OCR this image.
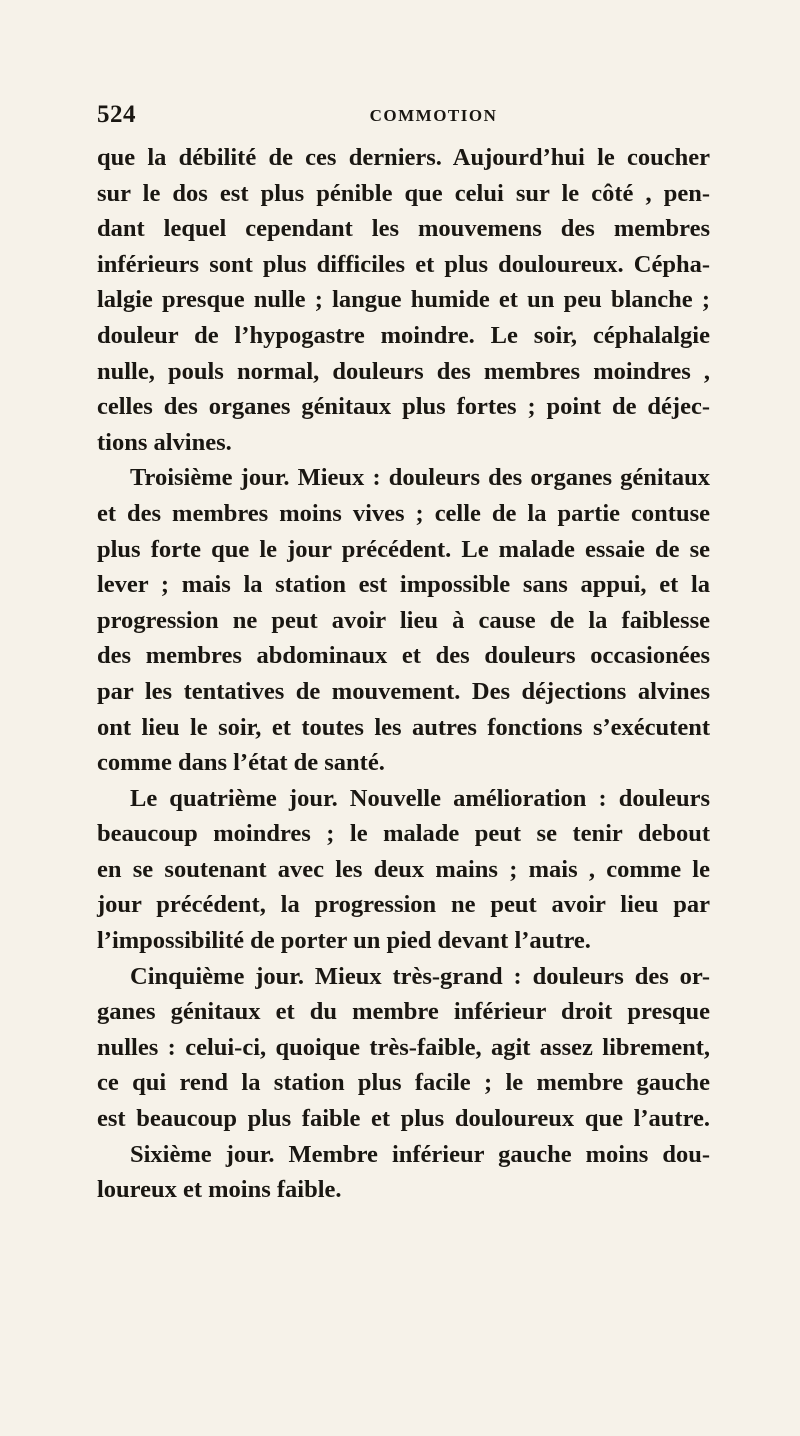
524	COMMOTION
que la débilité de ces derniers. Aujourd’hui le coucher
sur le dos est plus pénible que celui sur le côté , pen-
dant lequel cependant les mouvemens des membres
inférieurs sont plus difficiles et plus douloureux. Cépha-
lalgie presque nulle ; langue humide et un peu blanche ;
douleur de l’hypogastre moindre. Le soir, céphalalgie
nulle, pouls normal, douleurs des membres moindres ,
celles des organes génitaux plus fortes ; point de déjec-
tions alvines.
Troisième jour. Mieux : douleurs des organes génitaux
et des membres moins vives ; celle de la partie contuse
plus forte que le jour précédent. Le malade essaie de se
lever ; mais la station est impossible sans appui, et la
progression ne peut avoir lieu à cause de la faiblesse
des membres abdominaux et des douleurs occasionées
par les tentatives de mouvement. Des déjections alvines
ont lieu le soir, et toutes les autres fonctions s’exécutent
comme dans l’état de santé.
Le quatrième jour. Nouvelle amélioration : douleurs
beaucoup moindres ; le malade peut se tenir debout
en se soutenant avec les deux mains ; mais , comme le
jour précédent, la progression ne peut avoir lieu par
l’impossibilité de porter un pied devant l’autre.
Cinquième jour. Mieux très-grand : douleurs des or-
ganes génitaux et du membre inférieur droit presque
nulles : celui-ci, quoique très-faible, agit assez librement,
ce qui rend la station plus facile ; le membre gauche
est beaucoup plus faible et plus douloureux que l’autre.
Sixième jour. Membre inférieur gauche moins dou-
loureux et moins faible.
